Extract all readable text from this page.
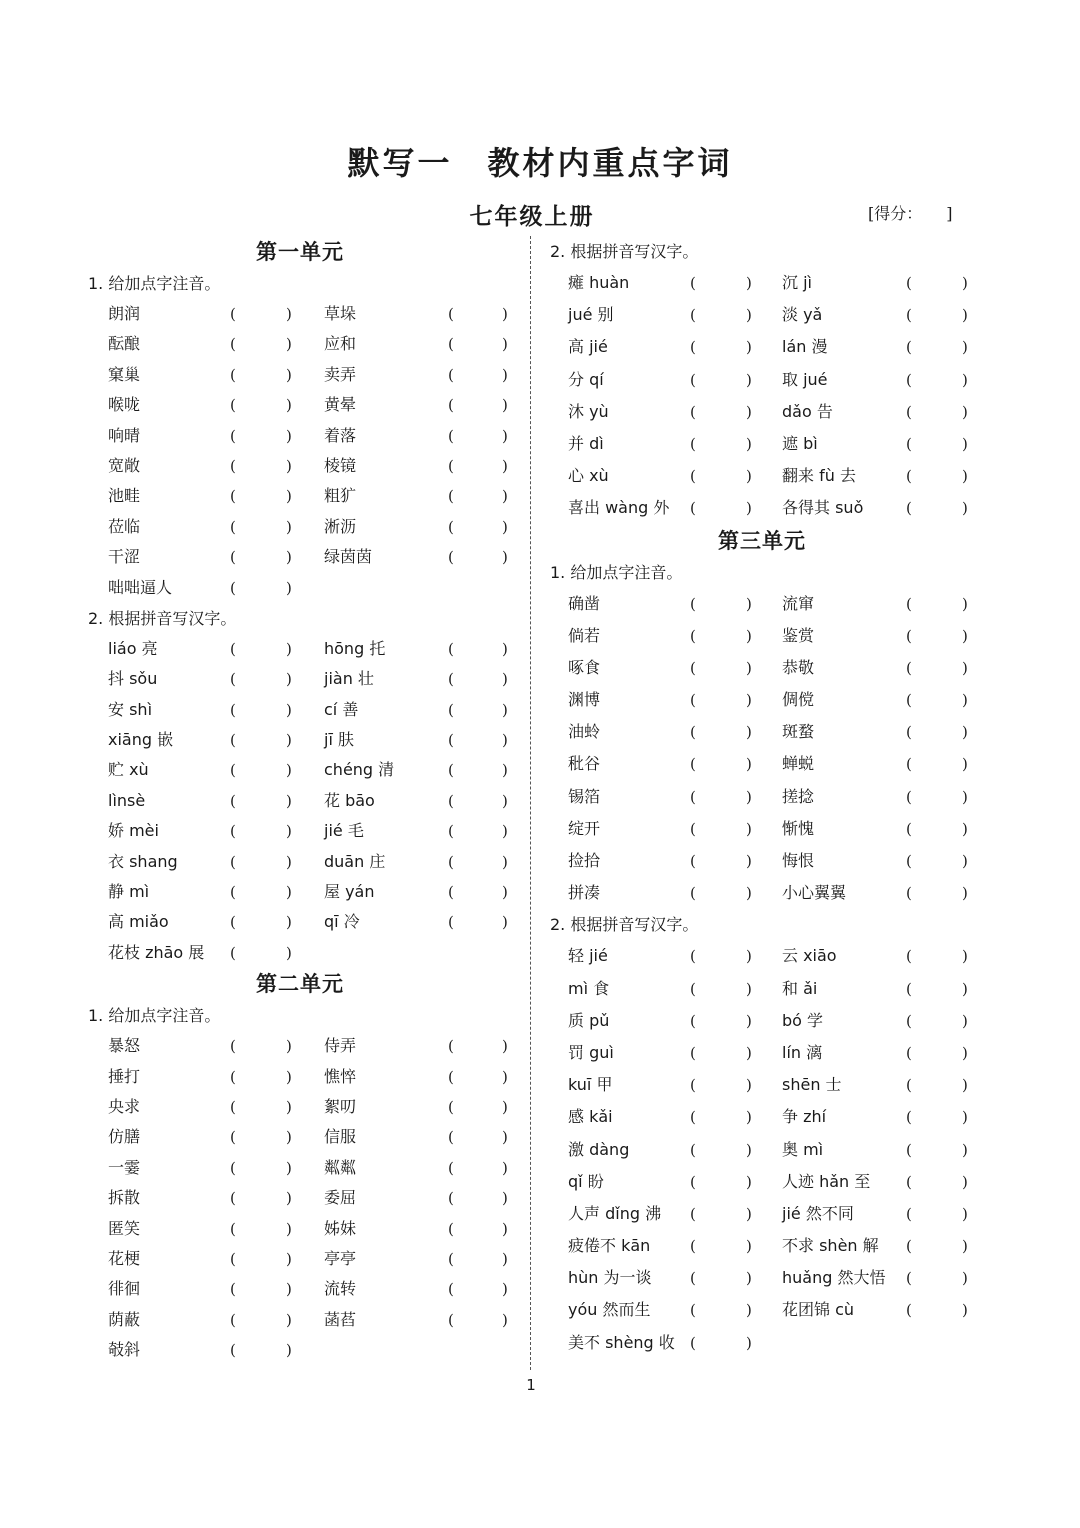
默写一　教材内重点字词
七年级上册	[得分：　　]
第一单元
1. 给加点字注音。
朗润	(	) 草垛	(	)
酝酿	(	) 应和	(	)
窠巢	(	) 卖弄	(	)
喉咙	(	) 黄晕	(	)
响晴	(	) 着落	(	)
宽敞	(	) 棱镜	(	)
池畦	(	) 粗犷	(	)
莅临	(	) 淅沥	(	)
干涩	(	) 绿茵茵	(	)
咄咄逼人	(	)
2. 根据拼音写汉字。
liáo 亮	(	) hōng 托	(	)
抖 sǒu	(	) jiàn 壮	(	)
安 shì	(	) cí 善	(	)
xiāng 嵌	(	) jī 肤	(	)
贮 xù	(	) chéng 清	(	)
lìnsè	(	) 花 bāo	(	)
娇 mèi	(	) jié 毛	(	)
衣 shang	(	) duān 庄	(	)
静 mì	(	) 屋 yán	(	)
高 miǎo	(	) qī 冷	(	)
花枝 zhāo 展 (	)
第二单元
1. 给加点字注音。
暴怒	(	) 侍弄	(	)
捶打	(	) 憔悴	(	)
央求	(	) 絮叨	(	)
仿膳	(	) 信服	(	)
一霎	(	) 粼粼	(	)
拆散	(	) 委屈	(	)
匿笑	(	) 姊妹	(	)
花梗	(	) 亭亭	(	)
徘徊	(	) 流转	(	)
荫蔽	(	) 菡萏	(	)
攲斜	(	)
2. 根据拼音写汉字。
瘫 huàn	(	) 沉 jì	(	)
jué 别	(	) 淡 yǎ	(	)
高 jié	(	) lán 漫	(	)
分 qí	(	) 取 jué	(	)
沐 yù	(	) dǎo 告	(	)
并 dì	(	) 遮 bì	(	)
心 xù	(	) 翻来 fù 去	(	)
喜出 wàng 外 (	) 各得其 suǒ	(	)
第三单元
1. 给加点字注音。
确凿	(	) 流窜	(	)
倘若	(	) 鉴赏	(	)
啄食	(	) 恭敬	(	)
渊博	(	) 倜傥	(	)
油蛉	(	) 斑蝥	(	)
秕谷	(	) 蝉蜕	(	)
锡箔	(	) 搓捻	(	)
绽开	(	) 惭愧	(	)
捡拾	(	) 悔恨	(	)
拼凑	(	) 小心翼翼	(	)
2. 根据拼音写汉字。
轻 jié	(	) 云 xiāo	(	)
mì 食	(	) 和 ǎi	(	)
质 pǔ	(	) bó 学	(	)
罚 guì	(	) lín 漓	(	)
kuī 甲	(	) shēn 士	(	)
感 kǎi	(	) 争 zhí	(	)
激 dàng	(	) 奥 mì	(	)
qǐ 盼	(	) 人迹 hǎn 至 (	)
人声 dǐng 沸 (	) jié 然不同	(	)
疲倦不 kān	(	) 不求 shèn 解 (	)
hùn 为一谈	(	) huǎng 然大悟 (	)
yóu 然而生	(	) 花团锦 cù	(	)
美不 shèng 收 (	)
1
